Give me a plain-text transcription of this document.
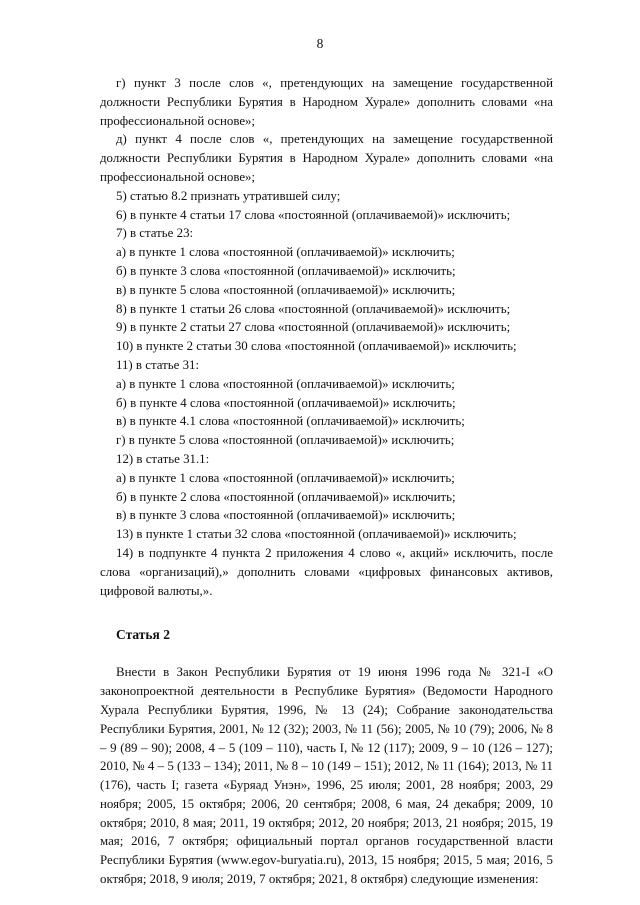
8

г) пункт 3 после слов «, претендующих на замещение государственной должности Республики Бурятия в Народном Хурале» дополнить словами «на профессиональной основе»;

д) пункт 4 после слов «, претендующих на замещение государственной должности Республики Бурятия в Народном Хурале» дополнить словами «на профессиональной основе»;

5) статью 8.2 признать утратившей силу;

6) в пункте 4 статьи 17 слова «постоянной (оплачиваемой)» исключить;

7) в статье 23:

а) в пункте 1 слова «постоянной (оплачиваемой)» исключить;

б) в пункте 3 слова «постоянной (оплачиваемой)» исключить;

в) в пункте 5 слова «постоянной (оплачиваемой)» исключить;

8) в пункте 1 статьи 26 слова «постоянной (оплачиваемой)» исключить;

9) в пункте 2 статьи 27 слова «постоянной (оплачиваемой)» исключить;

10) в пункте 2 статьи 30 слова «постоянной (оплачиваемой)» исключить;

11) в статье 31:

а) в пункте 1 слова «постоянной (оплачиваемой)» исключить;

б) в пункте 4 слова «постоянной (оплачиваемой)» исключить;

в) в пункте 4.1 слова «постоянной (оплачиваемой)» исключить;

г) в пункте 5 слова «постоянной (оплачиваемой)» исключить;

12) в статье 31.1:

а) в пункте 1 слова «постоянной (оплачиваемой)» исключить;

б) в пункте 2 слова «постоянной (оплачиваемой)» исключить;

в) в пункте 3 слова «постоянной (оплачиваемой)» исключить;

13) в пункте 1 статьи 32 слова «постоянной (оплачиваемой)» исключить;

14) в подпункте 4 пункта 2 приложения 4 слово «, акций» исключить, после слова «организаций),» дополнить словами «цифровых финансовых активов, цифровой валюты,».

Статья 2

Внести в Закон Республики Бурятия от 19 июня 1996 года № 321-I «О законопроектной деятельности в Республике Бурятия» (Ведомости Народного Хурала Республики Бурятия, 1996, № 13 (24); Собрание законодательства Республики Бурятия, 2001, № 12 (32); 2003, № 11 (56); 2005, № 10 (79); 2006, № 8 – 9 (89 – 90); 2008, 4 – 5 (109 – 110), часть I, № 12 (117); 2009, 9 – 10 (126 – 127); 2010, № 4 – 5 (133 – 134); 2011, № 8 – 10 (149 – 151); 2012, № 11 (164); 2013, № 11 (176), часть I; газета «Буряад Унэн», 1996, 25 июля; 2001, 28 ноября; 2003, 29 ноября; 2005, 15 октября; 2006, 20 сентября; 2008, 6 мая, 24 декабря; 2009, 10 октября; 2010, 8 мая; 2011, 19 октября; 2012, 20 ноября; 2013, 21 ноября; 2015, 19 мая; 2016, 7 октября; официальный портал органов государственной власти Республики Бурятия (www.egov-buryatia.ru), 2013, 15 ноября; 2015, 5 мая; 2016, 5 октября; 2018, 9 июля; 2019, 7 октября; 2021, 8 октября) следующие изменения:
